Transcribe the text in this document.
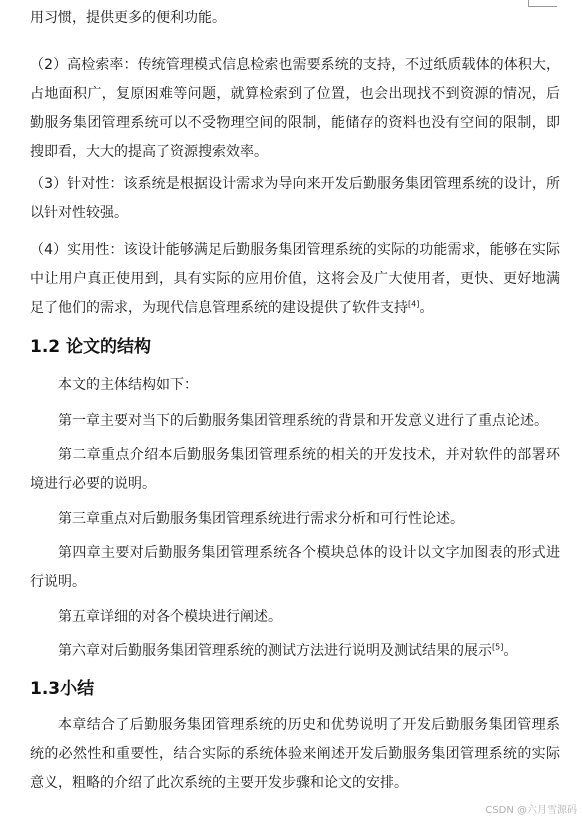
用习惯，提供更多的便利功能。

（2）高检索率：传统管理模式信息检索也需要系统的支持，不过纸质载体的体积大，占地面积广，复原困难等问题，就算检索到了位置，也会出现找不到资源的情况，后勤服务集团管理系统可以不受物理空间的限制，能储存的资料也没有空间的限制，即搜即看，大大的提高了资源搜索效率。

（3）针对性：该系统是根据设计需求为导向来开发后勤服务集团管理系统的设计，所以针对性较强。

（4）实用性：该设计能够满足后勤服务集团管理系统的实际的功能需求，能够在实际中让用户真正使用到，具有实际的应用价值，这将会及广大使用者，更快、更好地满足了他们的需求，为现代信息管理系统的建设提供了软件支持[4]。

1.2 论文的结构

本文的主体结构如下：

第一章主要对当下的后勤服务集团管理系统的背景和开发意义进行了重点论述。

第二章重点介绍本后勤服务集团管理系统的相关的开发技术，并对软件的部署环境进行必要的说明。

第三章重点对后勤服务集团管理系统进行需求分析和可行性论述。

第四章主要对后勤服务集团管理系统各个模块总体的设计以文字加图表的形式进行说明。

第五章详细的对各个模块进行阐述。

第六章对后勤服务集团管理系统的测试方法进行说明及测试结果的展示[5]。

1.3小结

本章结合了后勤服务集团管理系统的历史和优势说明了开发后勤服务集团管理系统的必然性和重要性，结合实际的系统体验来阐述开发后勤服务集团管理系统的实际意义，粗略的介绍了此次系统的主要开发步骤和论文的安排。

CSDN @六月雪源码
